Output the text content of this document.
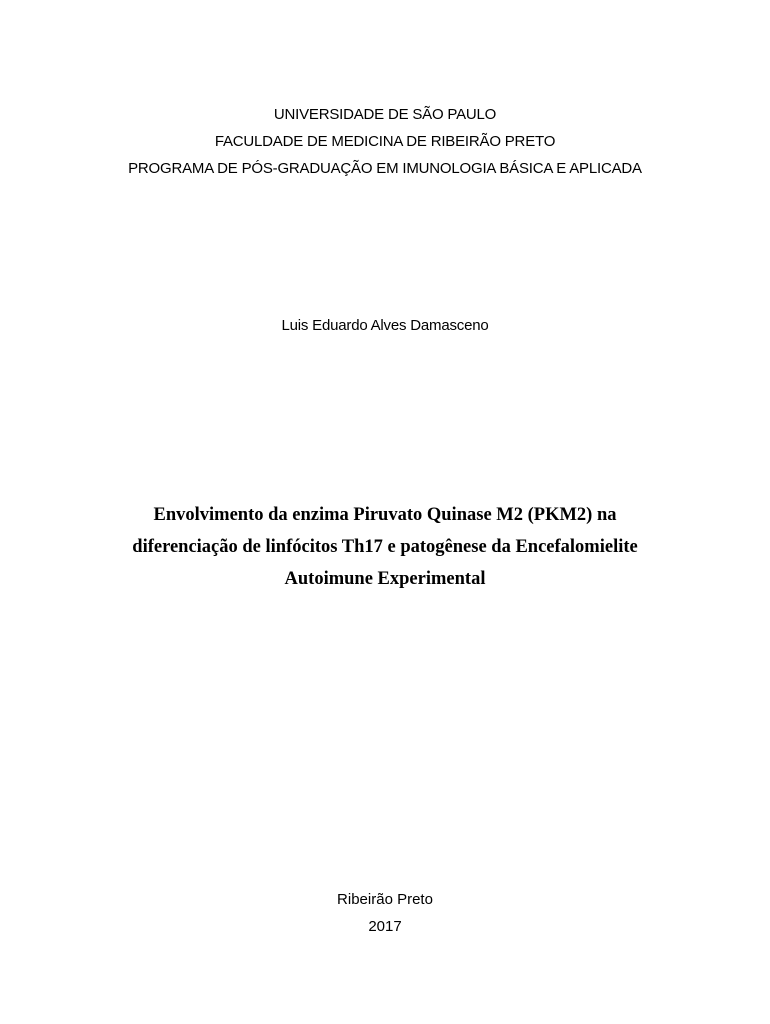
UNIVERSIDADE DE SÃO PAULO
FACULDADE DE MEDICINA DE RIBEIRÃO PRETO
PROGRAMA DE PÓS-GRADUAÇÃO EM IMUNOLOGIA BÁSICA E APLICADA
Luis Eduardo Alves Damasceno
Envolvimento da enzima Piruvato Quinase M2 (PKM2) na
diferenciação de linfócitos Th17 e patogênese da Encefalomielite
Autoimune Experimental
Ribeirão Preto
2017
